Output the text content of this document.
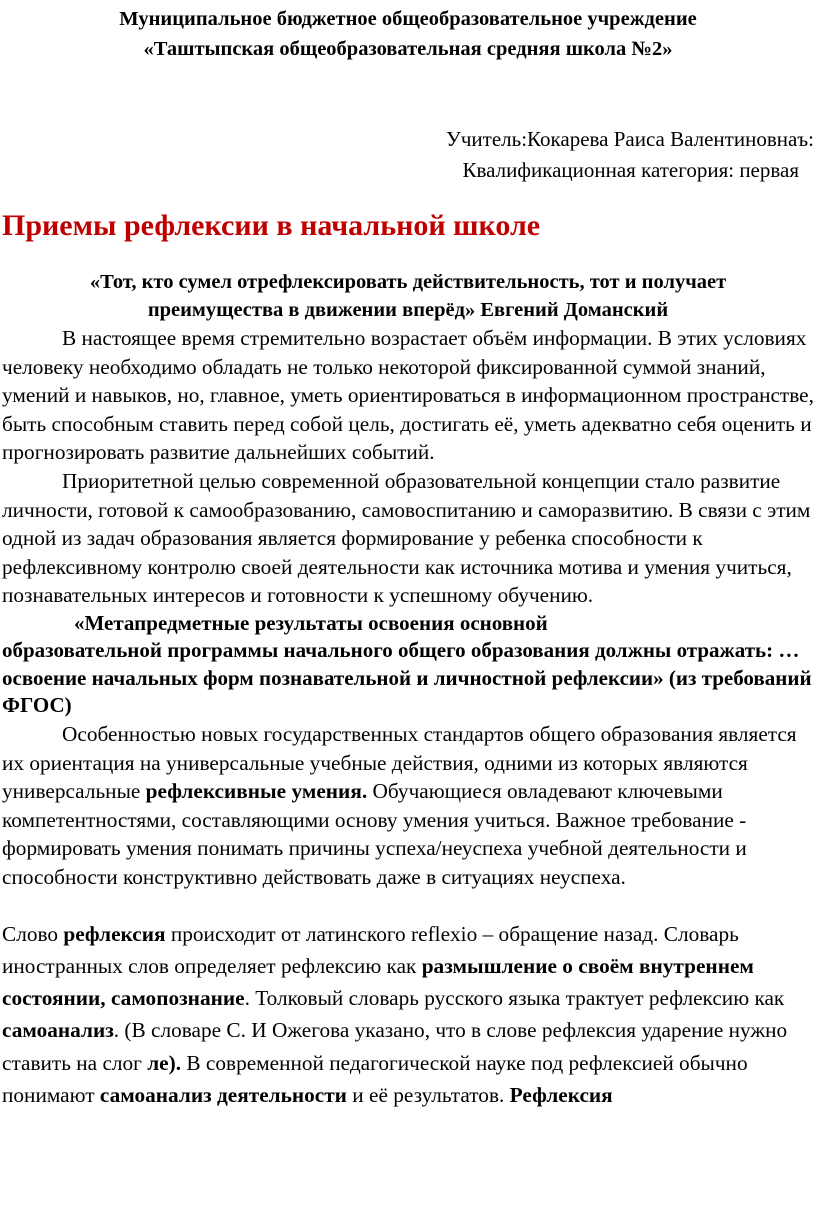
Муниципальное бюджетное общеобразовательное учреждение
«Таштыпская общеобразовательная средняя школа №2»
Учитель:Кокарева Раиса Валентиновнаъ:
Квалификационная категория: первая
Приемы рефлексии в начальной школе
«Тот, кто сумел отрефлексировать действительность, тот и получает
преимущества в движении вперёд» Евгений Доманский

В настоящее время стремительно возрастает объём информации. В этих условиях человеку необходимо обладать не только некоторой фиксированной суммой знаний, умений и навыков, но, главное, уметь ориентироваться в информационном пространстве, быть способным ставить перед собой цель, достигать её, уметь адекватно себя оценить и прогнозировать развитие дальнейших событий.

Приоритетной целью современной образовательной концепции стало развитие личности, готовой к самообразованию, самовоспитанию и саморазвитию. В связи с этим одной из задач образования является формирование у ребенка способности к рефлексивному контролю своей деятельности как источника мотива и умения учиться, познавательных интересов и готовности к успешному обучению.

«Метапредметные результаты освоения основной
образовательной программы начального общего образования должны отражать: … освоение начальных форм познавательной и личностной рефлексии» (из требований ФГОС)

Особенностью новых государственных стандартов общего образования является их ориентация на универсальные учебные действия, одними из которых являются универсальные рефлексивные умения. Обучающиеся овладевают ключевыми компетентностями, составляющими основу умения учиться. Важное требование - формировать умения понимать причины успеха/неуспеха учебной деятельности и способности конструктивно действовать даже в ситуациях неуспеха.

Слово рефлексия происходит от латинского reflexio – обращение назад. Словарь иностранных слов определяет рефлексию как размышление о своём внутреннем состоянии, самопознание. Толковый словарь русского языка трактует рефлексию как самоанализ. (В словаре С. И Ожегова указано, что в слове рефлексия ударение нужно ставить на слог ле). В современной педагогической науке под рефлексией обычно понимают самоанализ деятельности и её результатов. Рефлексия
